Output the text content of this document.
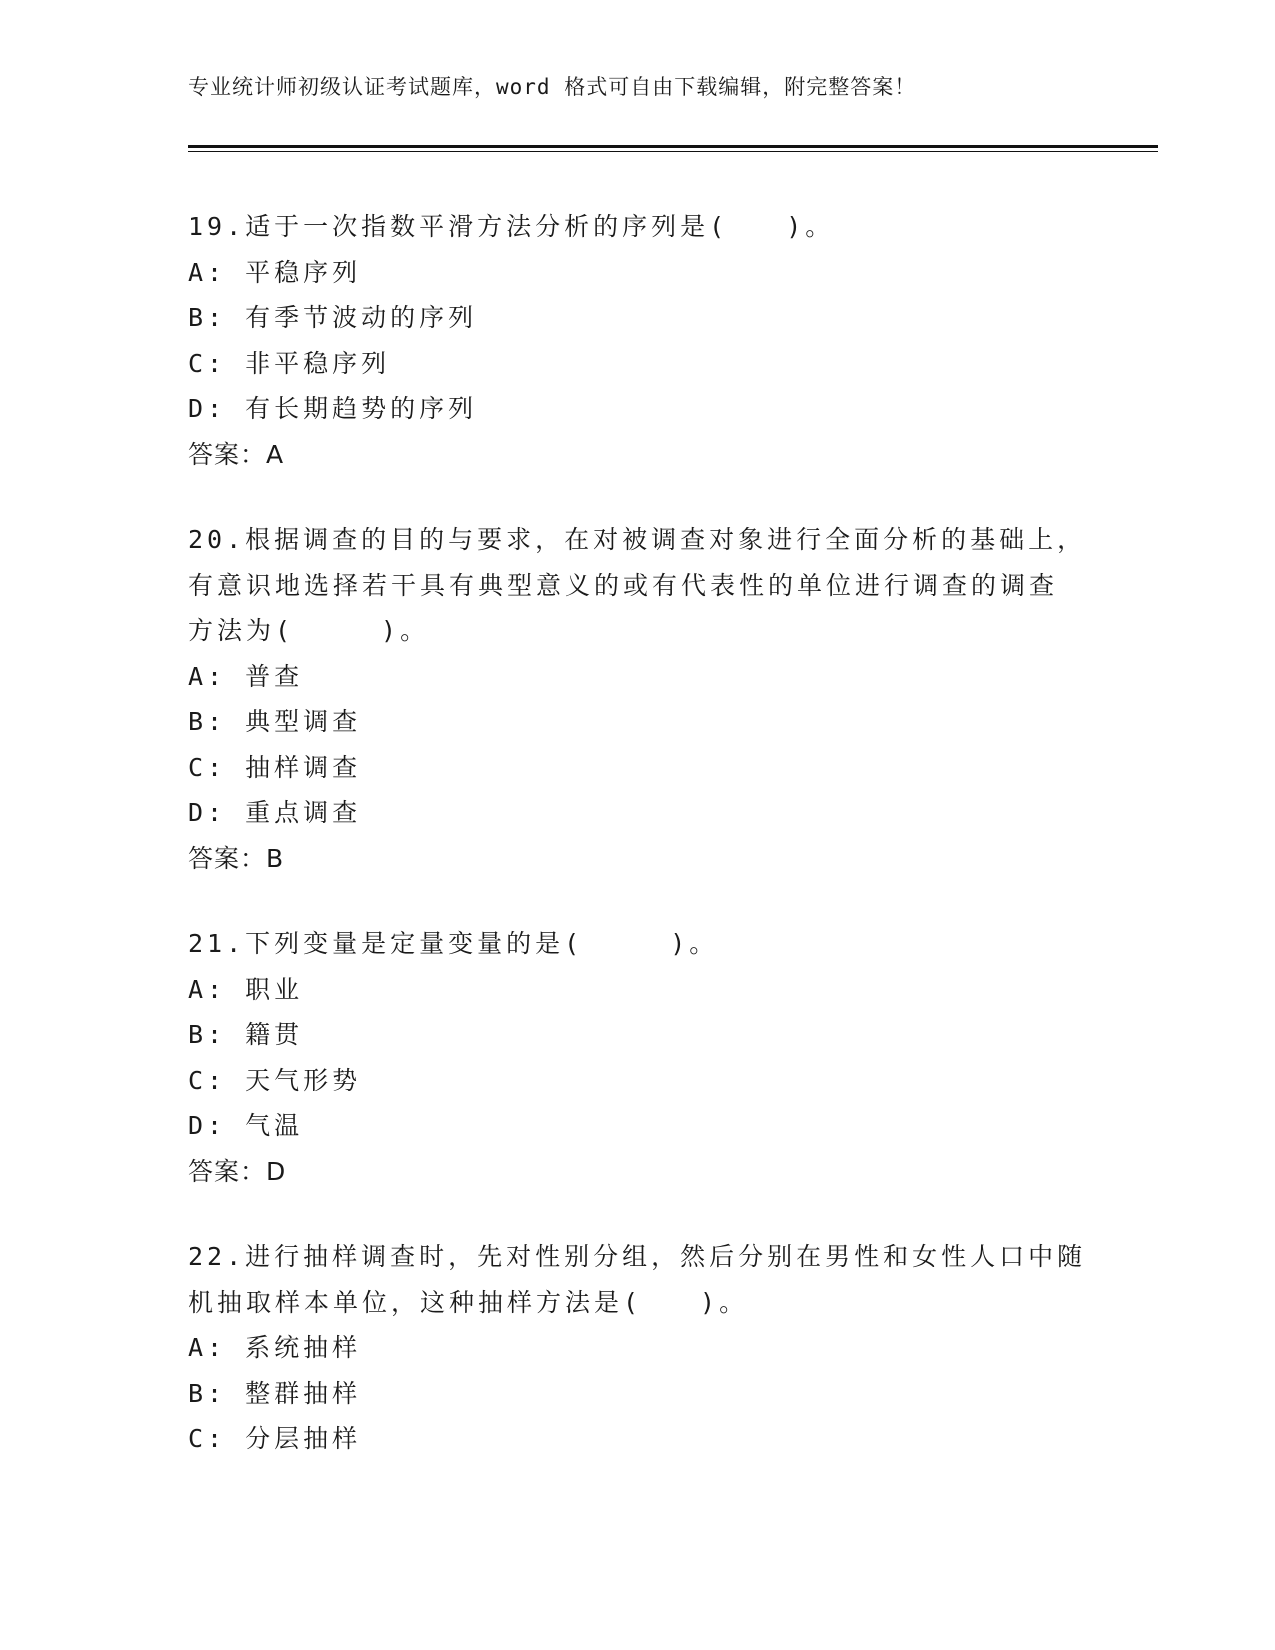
专业统计师初级认证考试题库，word 格式可自由下载编辑，附完整答案！

19.适于一次指数平滑方法分析的序列是(　　)。

A: 平稳序列

B: 有季节波动的序列

C: 非平稳序列

D: 有长期趋势的序列

答案：A

20.根据调查的目的与要求，在对被调查对象进行全面分析的基础上，

有意识地选择若干具有典型意义的或有代表性的单位进行调查的调查

方法为(　　　)。

A: 普查

B: 典型调查

C: 抽样调查

D: 重点调查

答案：B

21.下列变量是定量变量的是(　　　)。

A: 职业

B: 籍贯

C: 天气形势

D: 气温

答案：D

22.进行抽样调查时，先对性别分组，然后分别在男性和女性人口中随

机抽取样本单位，这种抽样方法是(　　)。

A: 系统抽样

B: 整群抽样

C: 分层抽样
